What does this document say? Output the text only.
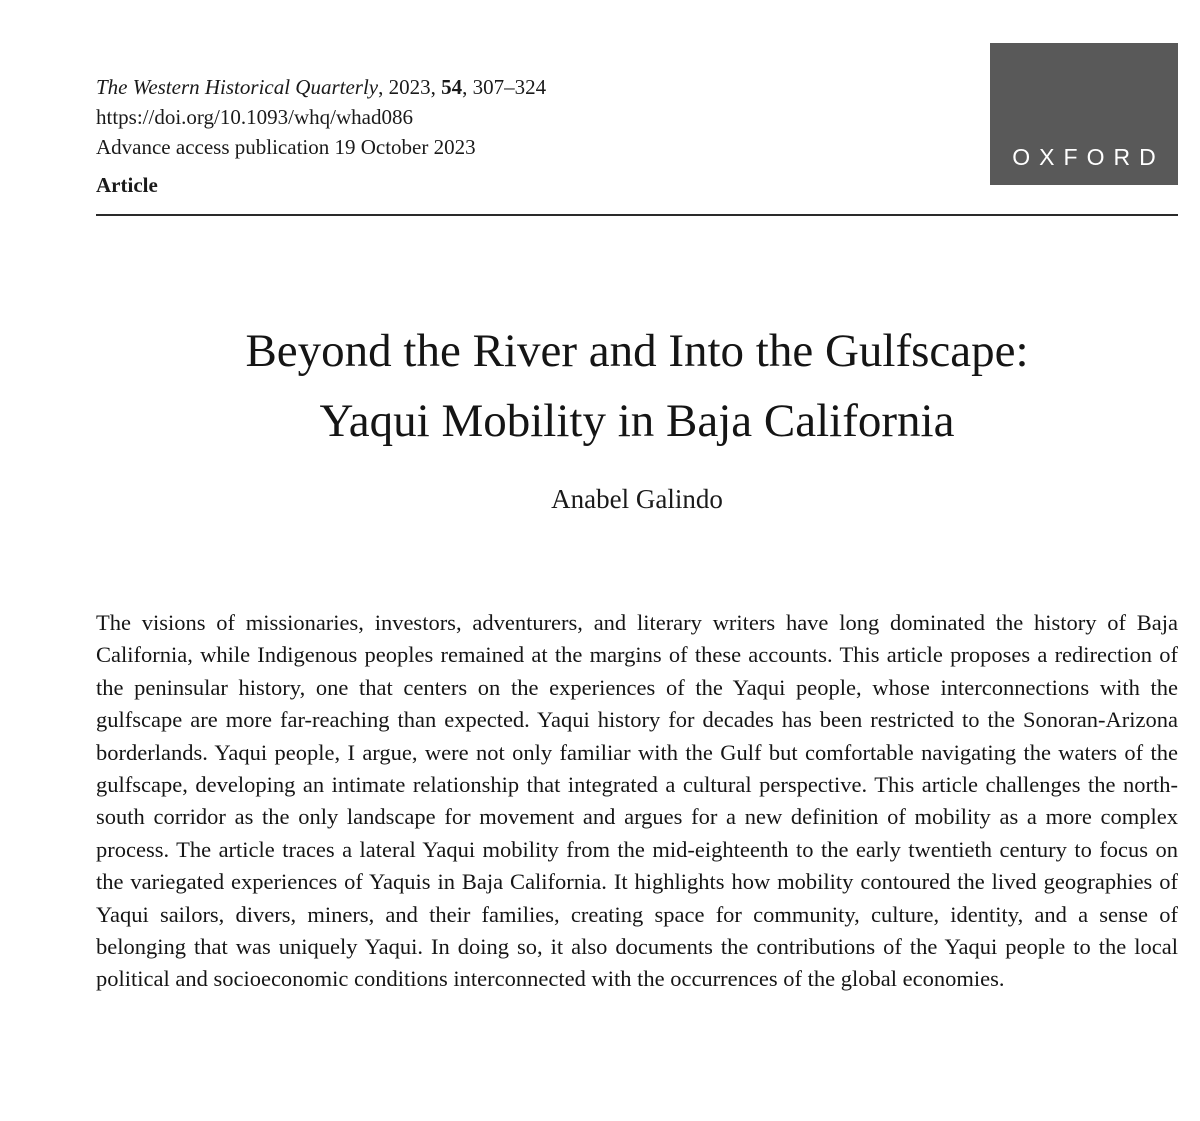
The Western Historical Quarterly, 2023, 54, 307–324
https://doi.org/10.1093/whq/whad086
Advance access publication 19 October 2023
Article
OXFORD
Beyond the River and Into the Gulfscape:
Yaqui Mobility in Baja California
Anabel Galindo

The visions of missionaries, investors, adventurers, and literary writers have long dominated the history of Baja California, while Indigenous peoples remained at the margins of these accounts. This article proposes a redirection of the peninsular history, one that centers on the experiences of the Yaqui people, whose interconnections with the gulfscape are more far-reaching than expected. Yaqui history for decades has been restricted to the Sonoran-Arizona borderlands. Yaqui people, I argue, were not only familiar with the Gulf but comfortable navigating the waters of the gulfscape, developing an intimate relationship that integrated a cultural perspective. This article challenges the north-south corridor as the only landscape for movement and argues for a new definition of mobility as a more complex process. The article traces a lateral Yaqui mobility from the mid-eighteenth to the early twentieth century to focus on the variegated experiences of Yaquis in Baja California. It highlights how mobility contoured the lived geographies of Yaqui sailors, divers, miners, and their families, creating space for community, culture, identity, and a sense of belonging that was uniquely Yaqui. In doing so, it also documents the contributions of the Yaqui people to the local political and socioeconomic conditions interconnected with the occurrences of the global economies.
